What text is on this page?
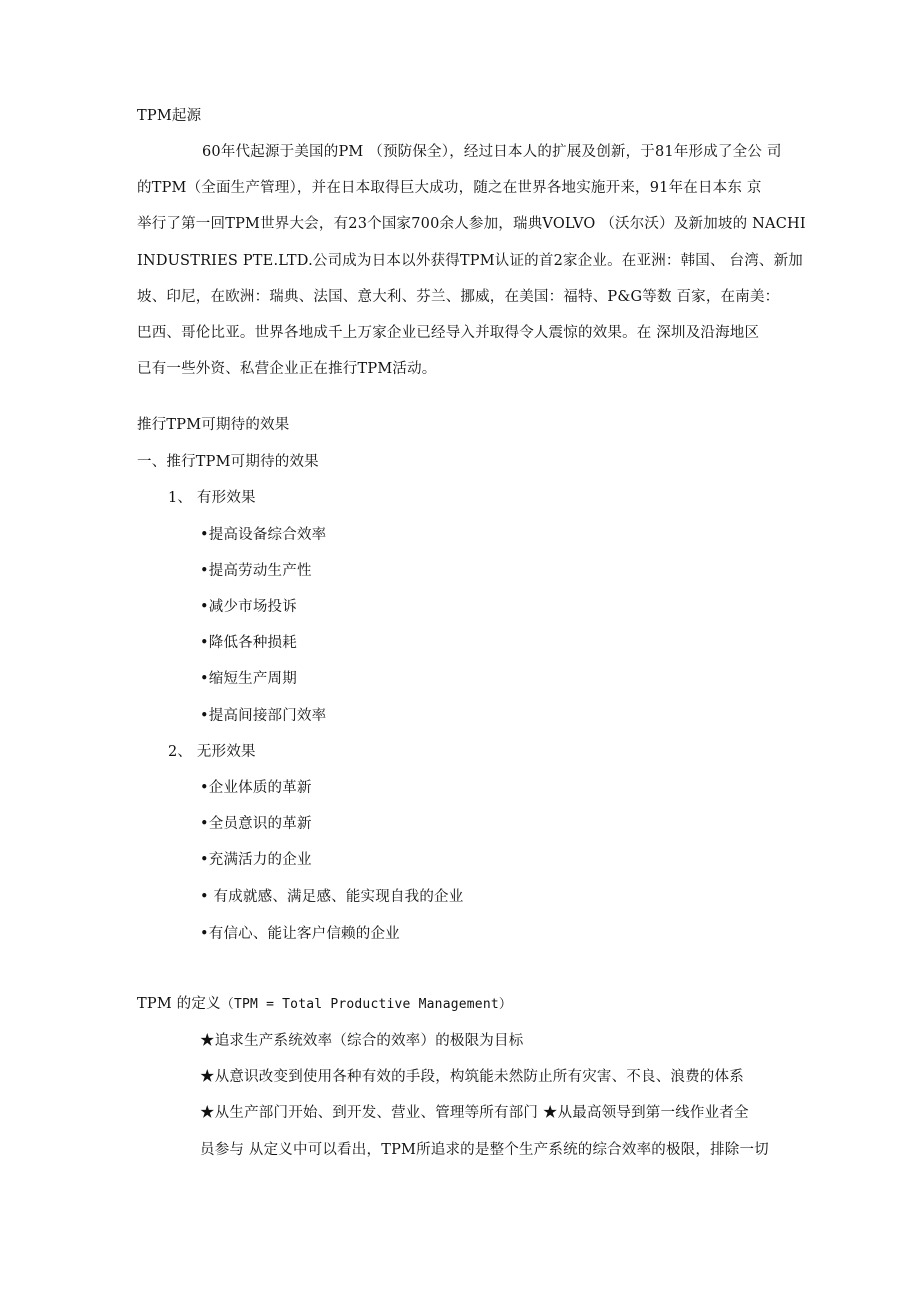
TPM起源
60年代起源于美国的PM （预防保全），经过日本人的扩展及创新，于81年形成了全公 司
的TPM（全面生产管理），并在日本取得巨大成功，随之在世界各地实施开来，91年在日本东 京
举行了第一回TPM世界大会，有23个国家700余人参加，瑞典VOLVO （沃尔沃）及新加坡的 NACHI
INDUSTRIES PTE.LTD.公司成为日本以外获得TPM认证的首2家企业。在亚洲：韩国、 台湾、新加
坡、印尼，在欧洲：瑞典、法国、意大利、芬兰、挪威，在美国：福特、P&G等数 百家，在南美：
巴西、哥伦比亚。世界各地成千上万家企业已经导入并取得令人震惊的效果。在 深圳及沿海地区
已有一些外资、私营企业正在推行TPM活动。
推行TPM可期待的效果
一、推行TPM可期待的效果
1、 有形效果
•提高设备综合效率
•提高劳动生产性
•减少市场投诉
•降低各种损耗
•缩短生产周期
•提高间接部门效率
2、 无形效果
•企业体质的革新
•全员意识的革新
•充满活力的企业
• 有成就感、满足感、能实现自我的企业
•有信心、能让客户信赖的企业
TPM 的定义（TPM = Total Productive Management）
★追求生产系统效率（综合的效率）的极限为目标
★从意识改变到使用各种有效的手段，构筑能未然防止所有灾害、不良、浪费的体系
★从生产部门开始、到开发、营业、管理等所有部门 ★从最高领导到第一线作业者全
员参与 从定义中可以看出，TPM所追求的是整个生产系统的综合效率的极限，排除一切
